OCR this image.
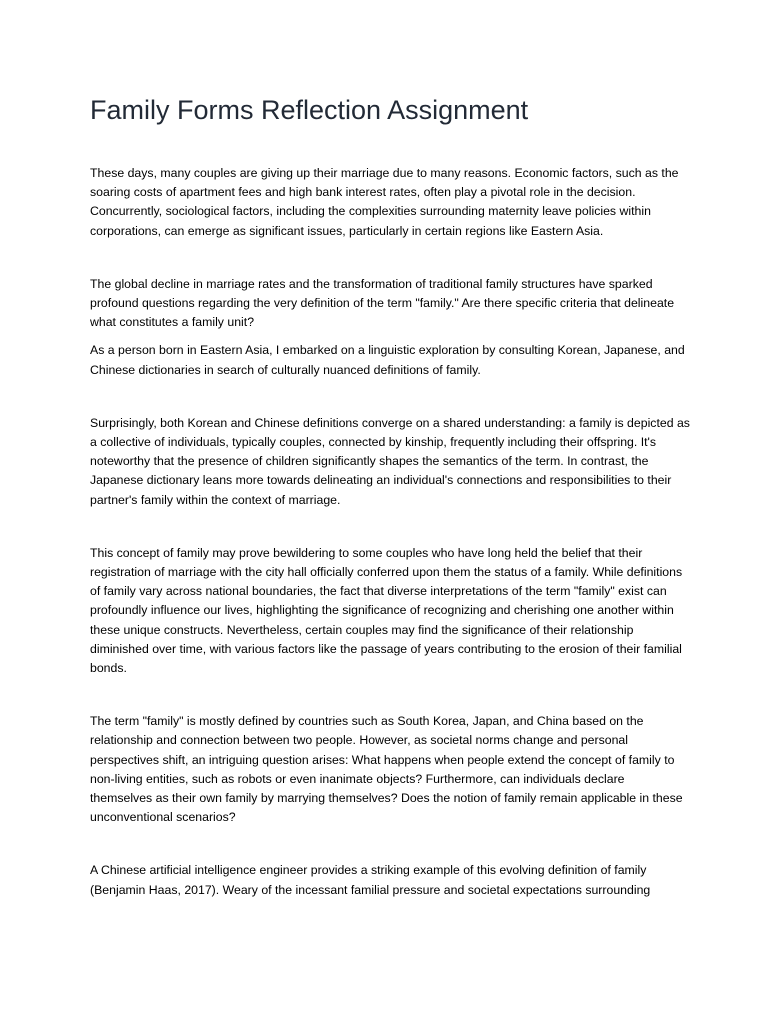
Family Forms Reflection Assignment

These days, many couples are giving up their marriage due to many reasons. Economic factors, such as the soaring costs of apartment fees and high bank interest rates, often play a pivotal role in the decision. Concurrently, sociological factors, including the complexities surrounding maternity leave policies within corporations, can emerge as significant issues, particularly in certain regions like Eastern Asia.

The global decline in marriage rates and the transformation of traditional family structures have sparked profound questions regarding the very definition of the term "family." Are there specific criteria that delineate what constitutes a family unit?

As a person born in Eastern Asia, I embarked on a linguistic exploration by consulting Korean, Japanese, and Chinese dictionaries in search of culturally nuanced definitions of family.

Surprisingly, both Korean and Chinese definitions converge on a shared understanding: a family is depicted as a collective of individuals, typically couples, connected by kinship, frequently including their offspring. It's noteworthy that the presence of children significantly shapes the semantics of the term. In contrast, the Japanese dictionary leans more towards delineating an individual's connections and responsibilities to their partner's family within the context of marriage.

This concept of family may prove bewildering to some couples who have long held the belief that their registration of marriage with the city hall officially conferred upon them the status of a family. While definitions of family vary across national boundaries, the fact that diverse interpretations of the term "family" exist can profoundly influence our lives, highlighting the significance of recognizing and cherishing one another within these unique constructs. Nevertheless, certain couples may find the significance of their relationship diminished over time, with various factors like the passage of years contributing to the erosion of their familial bonds.

The term "family" is mostly defined by countries such as South Korea, Japan, and China based on the relationship and connection between two people. However, as societal norms change and personal perspectives shift, an intriguing question arises: What happens when people extend the concept of family to non-living entities, such as robots or even inanimate objects? Furthermore, can individuals declare themselves as their own family by marrying themselves? Does the notion of family remain applicable in these unconventional scenarios?

A Chinese artificial intelligence engineer provides a striking example of this evolving definition of family (Benjamin Haas, 2017). Weary of the incessant familial pressure and societal expectations surrounding
